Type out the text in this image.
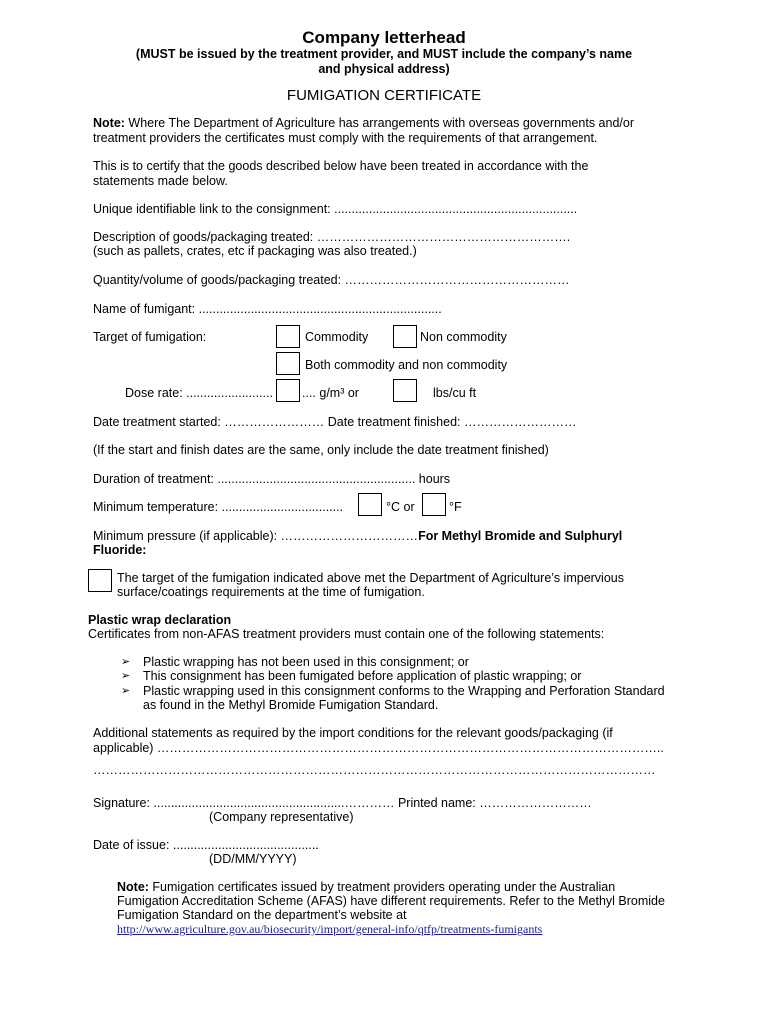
Company letterhead
(MUST be issued by the treatment provider, and MUST include the company’s name
and physical address)
FUMIGATION CERTIFICATE
Note: Where The Department of Agriculture has arrangements with overseas governments and/or
treatment providers the certificates must comply with the requirements of that arrangement.
This is to certify that the goods described below have been treated in accordance with the
statements made below.
Unique identifiable link to the consignment: ......................................................................
Description of goods/packaging treated: …………………………………………………….
(such as pallets, crates, etc if packaging was also treated.)
Quantity/volume of goods/packaging treated: ………………………………………………
Name of fumigant: ......................................................................
Target of fumigation:	Commodity	Non commodity
Both commodity and non commodity
Dose rate: ......................... .... g/m³ or	lbs/cu ft
Date treatment started: …………………… Date treatment finished: ………………………
(If the start and finish dates are the same, only include the date treatment finished)
Duration of treatment: ......................................................... hours
Minimum temperature: ...................................	°C or	°F
Minimum pressure (if applicable): ……………………………For Methyl Bromide and Sulphuryl
Fluoride:
The target of the fumigation indicated above met the Department of Agriculture’s impervious
surface/coatings requirements at the time of fumigation.
Plastic wrap declaration
Certificates from non-AFAS treatment providers must contain one of the following statements:
➢ Plastic wrapping has not been used in this consignment; or
➢ This consignment has been fumigated before application of plastic wrapping; or
➢ Plastic wrapping used in this consignment conforms to the Wrapping and Perforation Standard
as found in the Methyl Bromide Fumigation Standard.
Additional statements as required by the import conditions for the relevant goods/packaging (if
applicable) …………………………………………………………………………………………………………..
………………………………………………………………………………………………………………………
Signature: .......................................................………… Printed name: ………………………
(Company representative)
Date of issue: ..........................................
(DD/MM/YYYY)
Note: Fumigation certificates issued by treatment providers operating under the Australian
Fumigation Accreditation Scheme (AFAS) have different requirements. Refer to the Methyl Bromide
Fumigation Standard on the department’s website at
http://www.agriculture.gov.au/biosecurity/import/general-info/qtfp/treatments-fumigants
